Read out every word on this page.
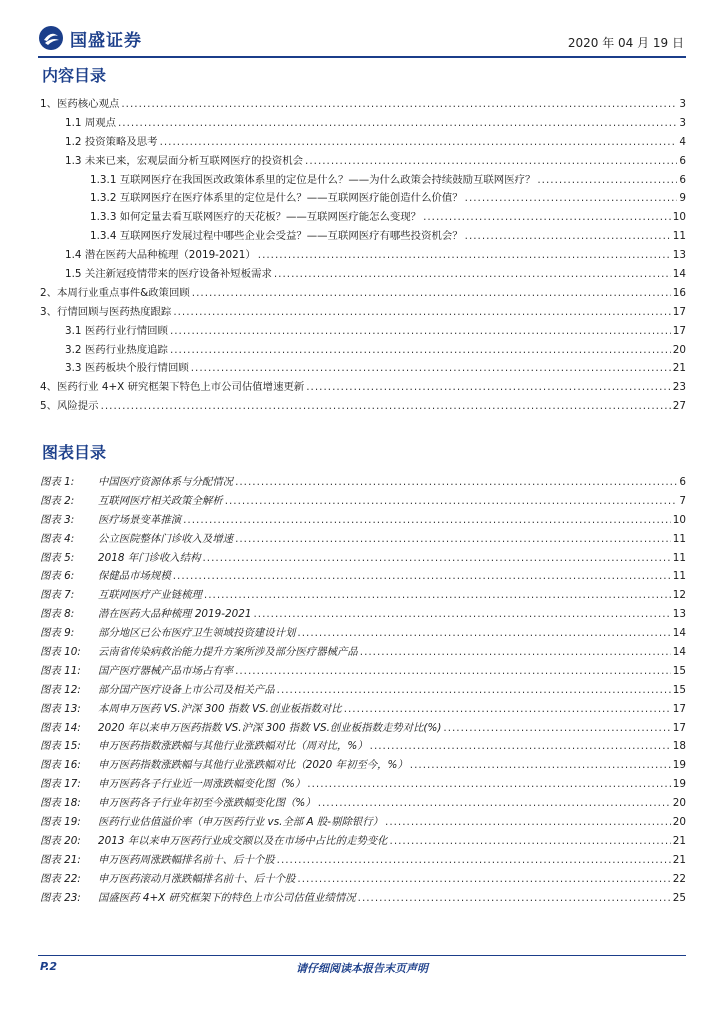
国盛证券	2020 年 04 月 19 日
内容目录
1、医药核心观点 .....	3
1.1 周观点 .....	3
1.2 投资策略及思考 .....	4
1.3 未来已来，宏观层面分析互联网医疗的投资机会 .....	6
1.3.1 互联网医疗在我国医改政策体系里的定位是什么？——为什么政策会持续鼓励互联网医疗？ .....	6
1.3.2 互联网医疗在医疗体系里的定位是什么？——互联网医疗能创造什么价值？ .....	9
1.3.3 如何定量去看互联网医疗的天花板？——互联网医疗能怎么变现？ .....	10
1.3.4 互联网医疗发展过程中哪些企业会受益？——互联网医疗有哪些投资机会？ .....	11
1.4 潜在医药大品种梳理（2019-2021） .....	13
1.5 关注新冠疫情带来的医疗设备补短板需求 .....	14
2、本周行业重点事件&政策回顾 .....	16
3、行情回顾与医药热度跟踪 .....	17
3.1 医药行业行情回顾 .....	17
3.2 医药行业热度追踪 .....	20
3.3 医药板块个股行情回顾 .....	21
4、医药行业 4+X 研究框架下特色上市公司估值增速更新 .....	23
5、风险提示 .....	27
图表目录
图表 1: 中国医疗资源体系与分配情况 .....	6
图表 2: 互联网医疗相关政策全解析 .....	7
图表 3: 医疗场景变革推演 .....	10
图表 4: 公立医院整体门诊收入及增速 .....	11
图表 5: 2018 年门诊收入结构 .....	11
图表 6: 保健品市场规模 .....	11
图表 7: 互联网医疗产业链梳理 .....	12
图表 8: 潜在医药大品种梳理 2019-2021 .....	13
图表 9: 部分地区已公布医疗卫生领域投资建设计划 .....	14
图表 10: 云南省传染病救治能力提升方案所涉及部分医疗器械产品 .....	14
图表 11: 国产医疗器械产品市场占有率 .....	15
图表 12: 部分国产医疗设备上市公司及相关产品 .....	15
图表 13: 本周申万医药 VS.沪深 300 指数 VS.创业板指数对比 .....	17
图表 14: 2020 年以来申万医药指数 VS.沪深 300 指数 VS.创业板指数走势对比(%) .....	17
图表 15: 申万医药指数涨跌幅与其他行业涨跌幅对比（周对比，%） .....	18
图表 16: 申万医药指数涨跌幅与其他行业涨跌幅对比（2020 年初至今，%） .....	19
图表 17: 申万医药各子行业近一周涨跌幅变化图（%） .....	19
图表 18: 申万医药各子行业年初至今涨跌幅变化图（%） .....	20
图表 19: 医药行业估值溢价率（申万医药行业 vs.全部 A 股-剔除银行） .....	20
图表 20: 2013 年以来申万医药行业成交额以及在市场中占比的走势变化 .....	21
图表 21: 申万医药周涨跌幅排名前十、后十个股 .....	21
图表 22: 申万医药滚动月涨跌幅排名前十、后十个股 .....	22
图表 23: 国盛医药 4+X 研究框架下的特色上市公司估值业绩情况 .....	25
P.2	请仔细阅读本报告末页声明
